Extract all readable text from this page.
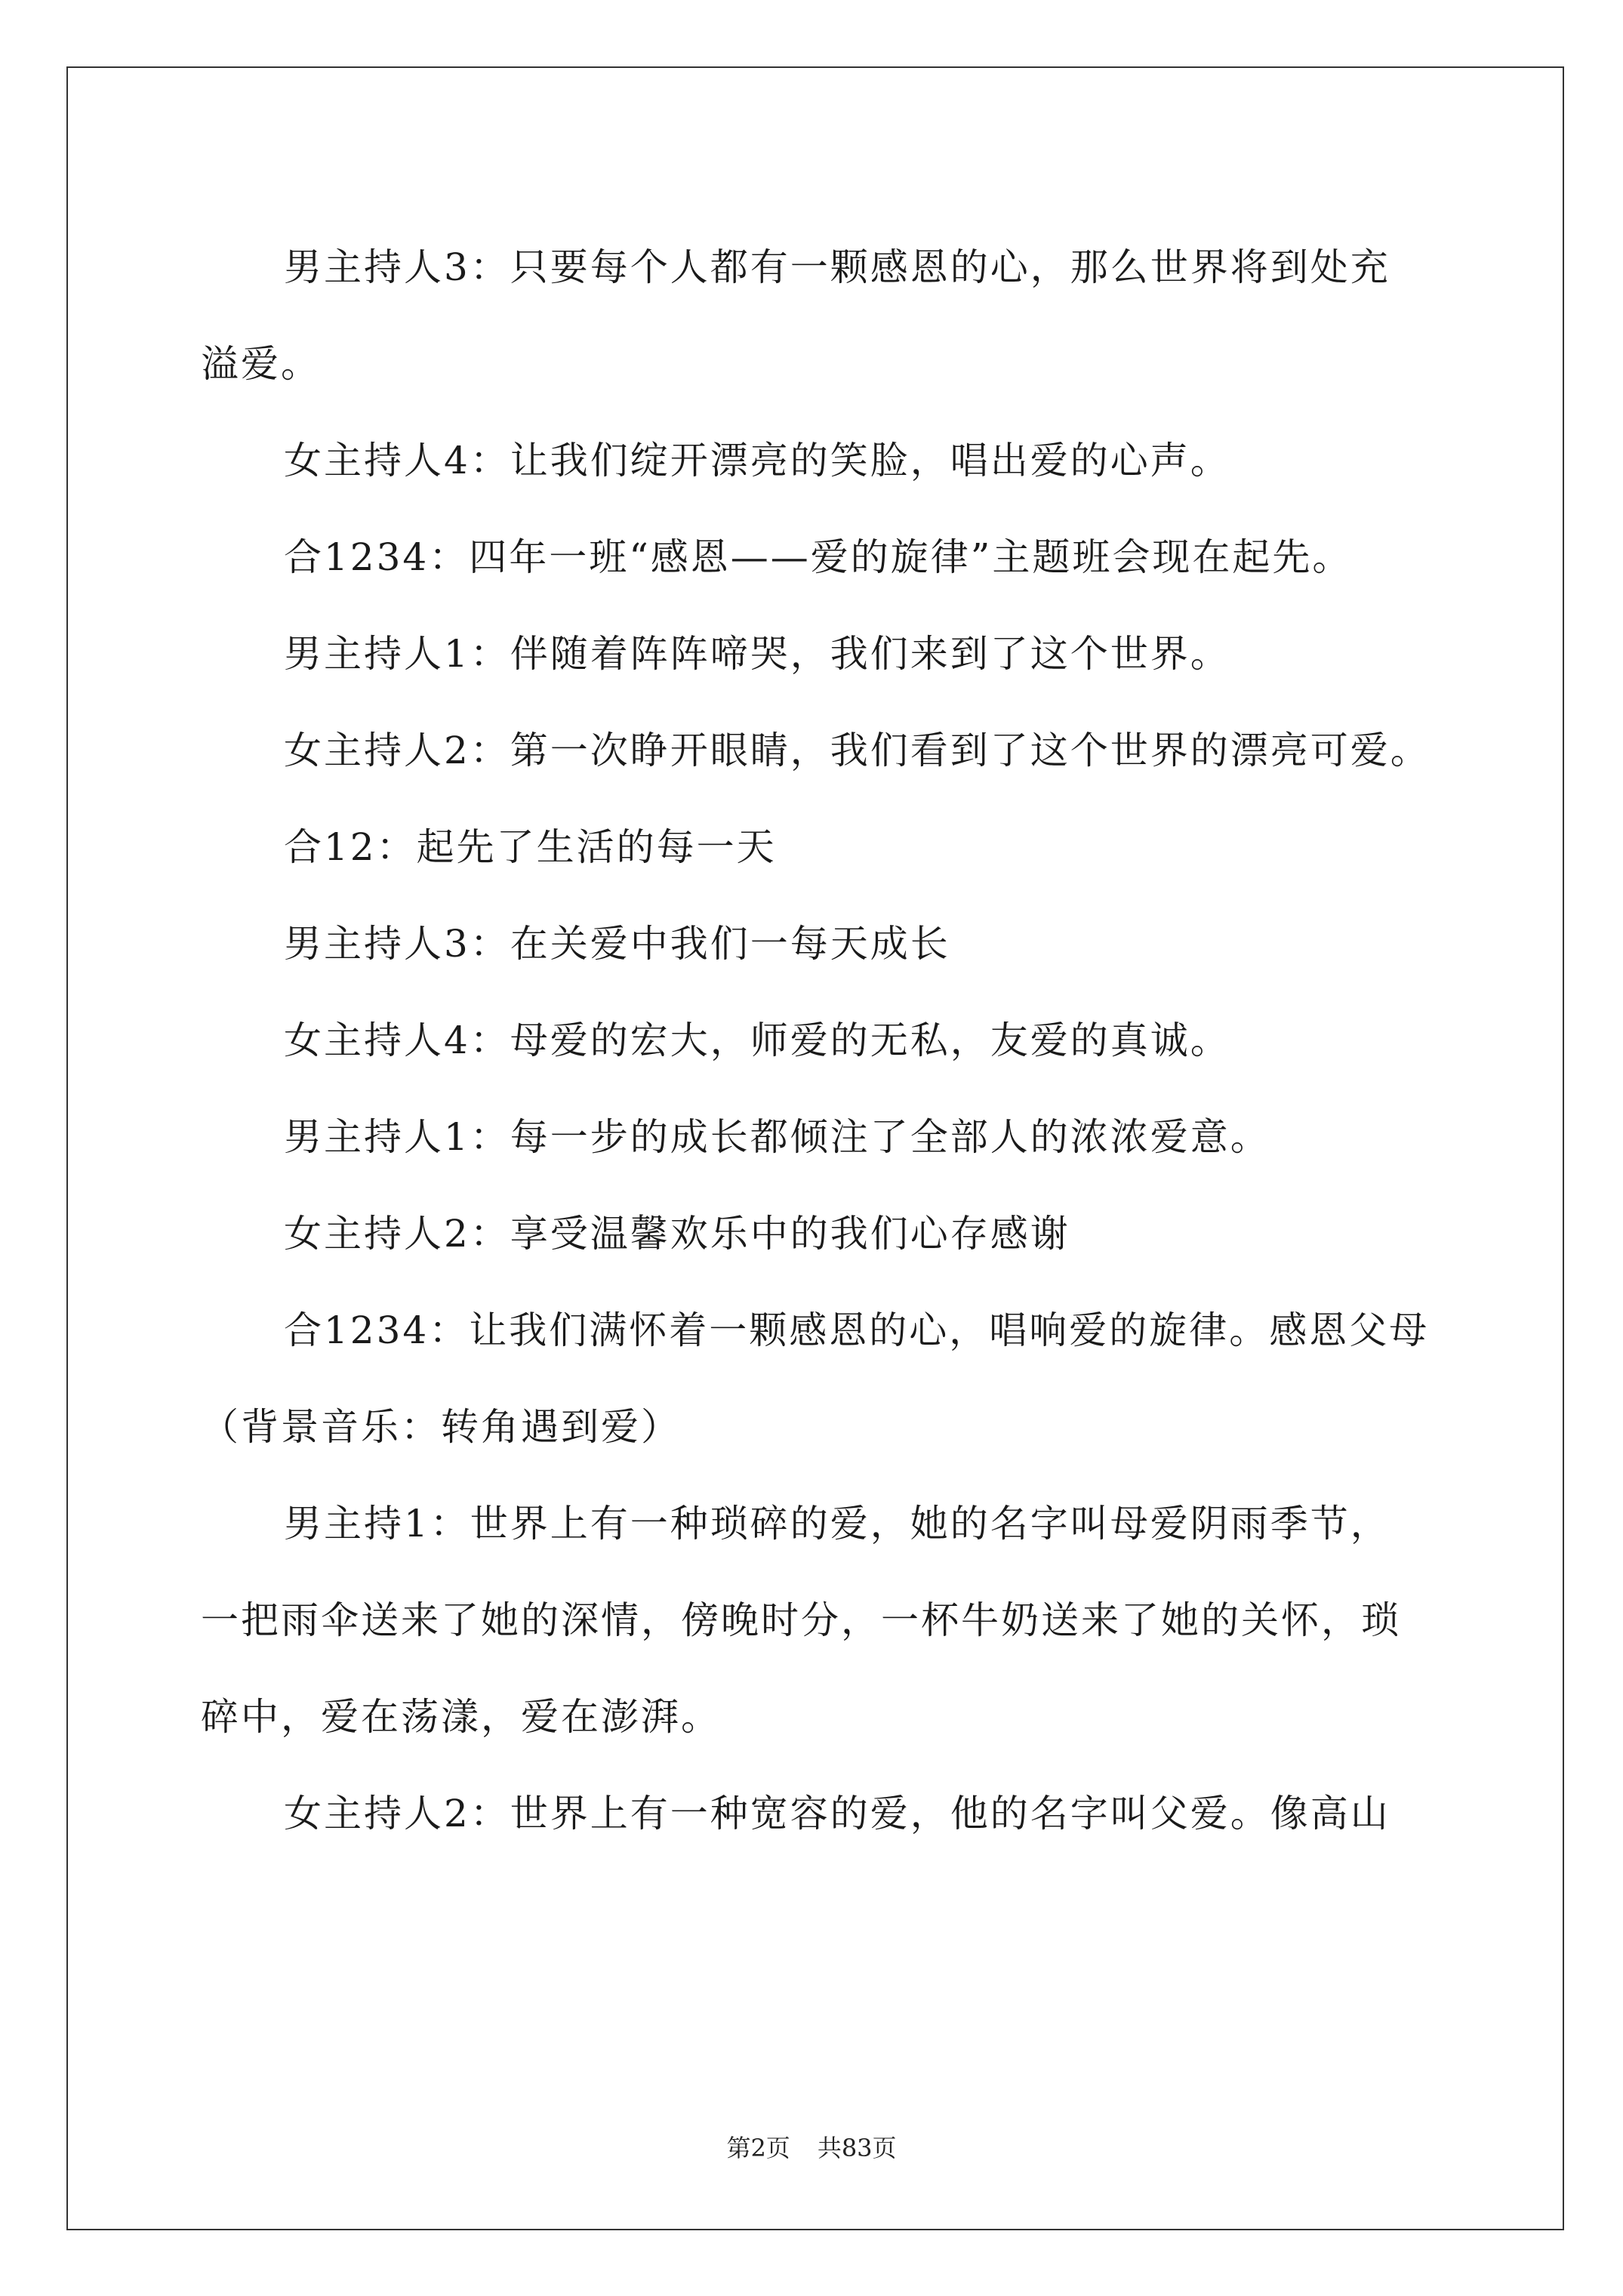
男主持人3：只要每个人都有一颗感恩的心，那么世界将到处充

溢爱。

女主持人4：让我们绽开漂亮的笑脸，唱出爱的心声。

合1234：四年一班“感恩——爱的旋律”主题班会现在起先。

男主持人1：伴随着阵阵啼哭，我们来到了这个世界。

女主持人2：第一次睁开眼睛，我们看到了这个世界的漂亮可爱。

合12：起先了生活的每一天

男主持人3：在关爱中我们一每天成长

女主持人4：母爱的宏大，师爱的无私，友爱的真诚。

男主持人1：每一步的成长都倾注了全部人的浓浓爱意。

女主持人2：享受温馨欢乐中的我们心存感谢

合1234：让我们满怀着一颗感恩的心，唱响爱的旋律。感恩父母

（背景音乐：转角遇到爱）

男主持1：世界上有一种琐碎的爱，她的名字叫母爱阴雨季节，

一把雨伞送来了她的深情，傍晚时分，一杯牛奶送来了她的关怀，琐

碎中，爱在荡漾，爱在澎湃。

女主持人2：世界上有一种宽容的爱，他的名字叫父爱。像高山

第2页 共83页
